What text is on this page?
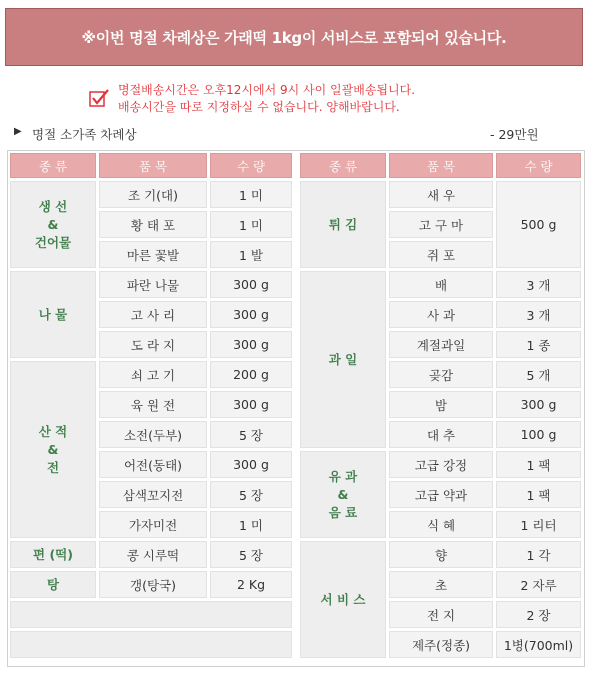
※이번 명절 차례상은 가래떡 1kg이 서비스로 포함되어 있습니다.
명절배송시간은 오후12시에서 9시 사이 일괄배송됩니다.
배송시간을 따로 지정하실 수 없습니다. 양해바랍니다.
▶ 명절 소가족 차례상	- 29만원
종 류	품 목	수 량

생 선
&
건어물	조 기(대)	1 미
	황 태 포	1 미
	마른 꽃발	1 발

나 물	파란 나물	300 g
	고 사 리	300 g
	도 라 지	300 g

산 적
&
전	쇠 고 기	200 g
	육 원 전	300 g
	소전(두부)	5 장
	어전(동태)	300 g
	삼색꼬지전	5 장
	가자미전	1 미

편 (떡)	콩 시루떡	5 장

탕	갱(탕국)	2 Kg

종 류	품 목	수 량

튀 김	새 우	500 g
	고 구 마	
	쥐 포	

과 일	배	3 개
	사 과	3 개
	계절과일	1 종
	곶감	5 개
	밤	300 g
	대 추	100 g

유 과
&
음 료	고급 강정	1 팩
	고급 약과	1 팩
	식 혜	1 리터

서 비 스	향	1 각
	초	2 자루
	전 지	2 장
	제주(정종)	1병(700ml)
